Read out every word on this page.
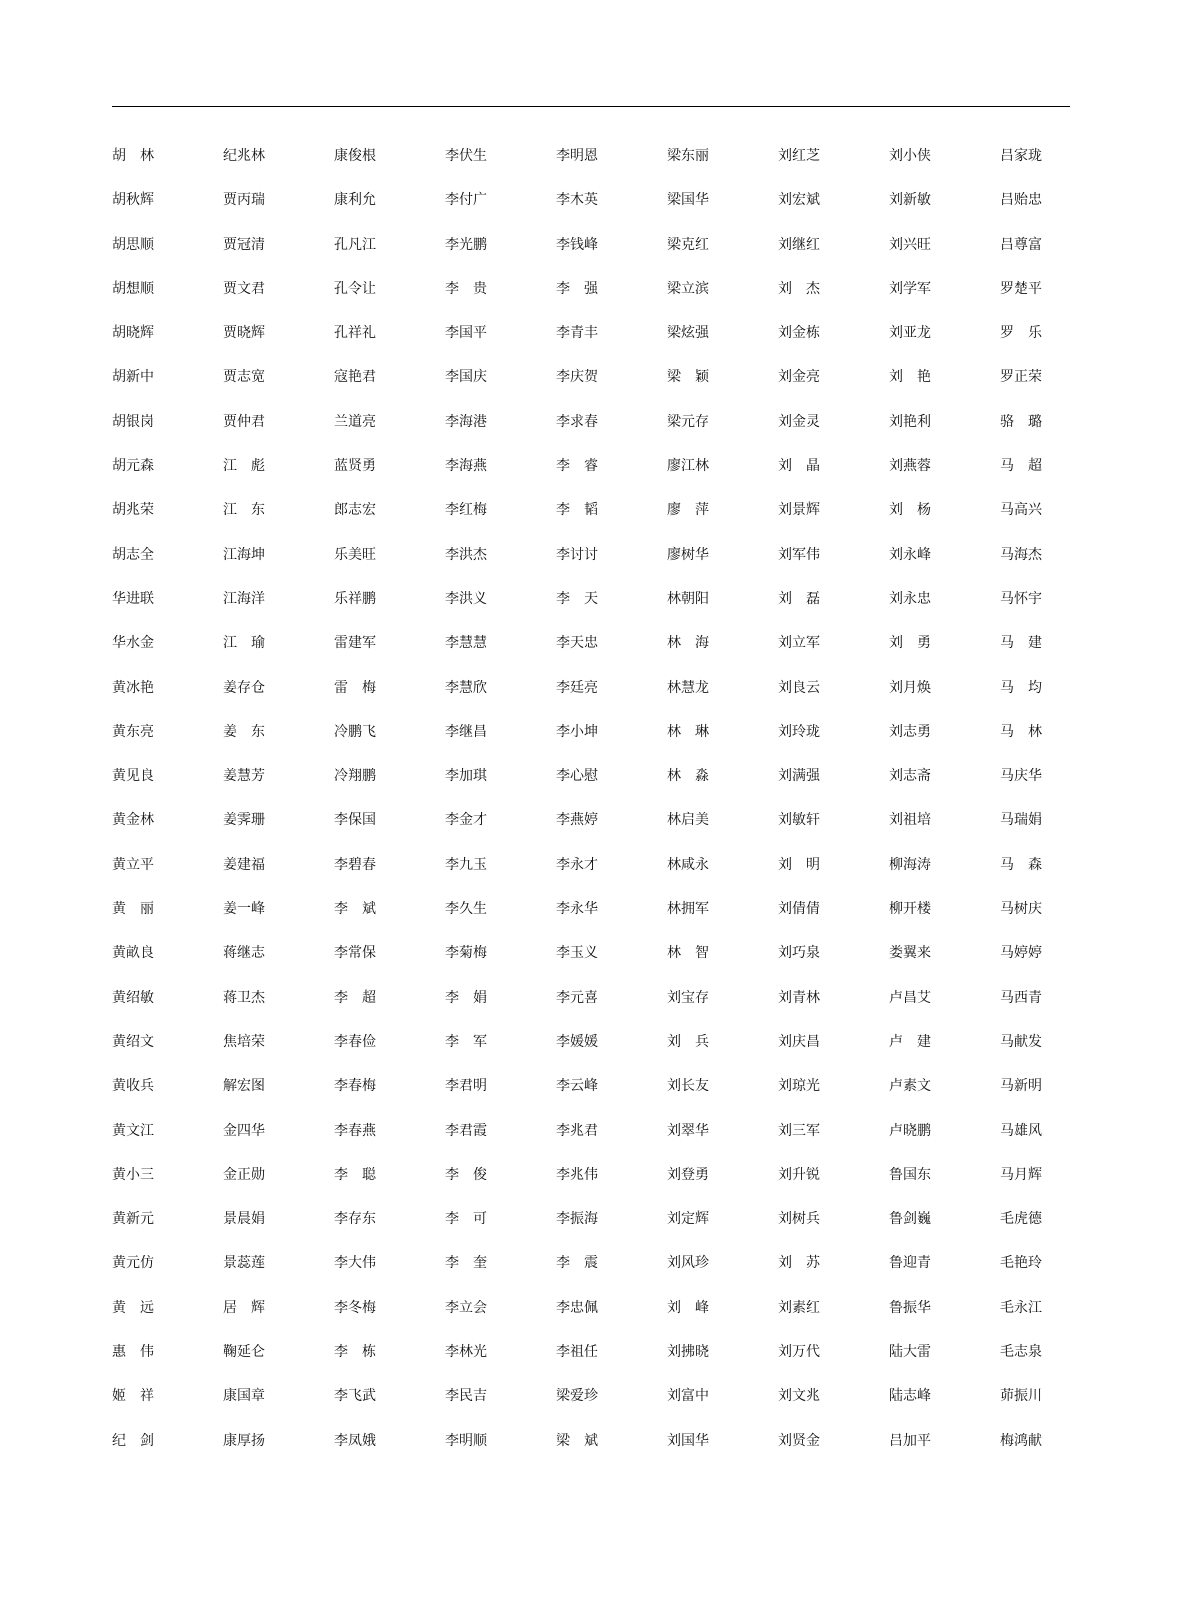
胡　林	纪兆林	康俊根	李伏生	李明恩	梁东丽	刘红芝	刘小侠	吕家珑
胡秋辉	贾丙瑞	康利允	李付广	李木英	梁国华	刘宏斌	刘新敏	吕贻忠
胡思顺	贾冠清	孔凡江	李光鹏	李钱峰	梁克红	刘继红	刘兴旺	吕尊富
胡想顺	贾文君	孔令让	李　贵	李　强	梁立滨	刘　杰	刘学军	罗楚平
胡晓辉	贾晓辉	孔祥礼	李国平	李青丰	梁炫强	刘金栋	刘亚龙	罗　乐
胡新中	贾志宽	寇艳君	李国庆	李庆贺	梁　颖	刘金亮	刘　艳	罗正荣
胡银岗	贾仲君	兰道亮	李海港	李求春	梁元存	刘金灵	刘艳利	骆　璐
胡元森	江　彪	蓝贤勇	李海燕	李　睿	廖江林	刘　晶	刘燕蓉	马　超
胡兆荣	江　东	郎志宏	李红梅	李　韬	廖　萍	刘景辉	刘　杨	马高兴
胡志全	江海坤	乐美旺	李洪杰	李讨讨	廖树华	刘军伟	刘永峰	马海杰
华进联	江海洋	乐祥鹏	李洪义	李　天	林朝阳	刘　磊	刘永忠	马怀宇
华水金	江　瑜	雷建军	李慧慧	李天忠	林　海	刘立军	刘　勇	马　建
黄冰艳	姜存仓	雷　梅	李慧欣	李廷亮	林慧龙	刘良云	刘月焕	马　均
黄东亮	姜　东	冷鹏飞	李继昌	李小坤	林　琳	刘玲珑	刘志勇	马　林
黄见良	姜慧芳	冷翔鹏	李加琪	李心慰	林　淼	刘满强	刘志斋	马庆华
黄金林	姜霁珊	李保国	李金才	李燕婷	林启美	刘敏轩	刘祖培	马瑞娟
黄立平	姜建福	李碧春	李九玉	李永才	林咸永	刘　明	柳海涛	马　森
黄　丽	姜一峰	李　斌	李久生	李永华	林拥军	刘倩倩	柳开楼	马树庆
黄畝良	蒋继志	李常保	李菊梅	李玉义	林　智	刘巧泉	娄翼来	马婷婷
黄绍敏	蒋卫杰	李　超	李　娟	李元喜	刘宝存	刘青林	卢昌艾	马西青
黄绍文	焦培荣	李春俭	李　军	李媛媛	刘　兵	刘庆昌	卢　建	马献发
黄收兵	解宏图	李春梅	李君明	李云峰	刘长友	刘琼光	卢素文	马新明
黄文江	金四华	李春燕	李君霞	李兆君	刘翠华	刘三军	卢晓鹏	马雄风
黄小三	金正勋	李　聪	李　俊	李兆伟	刘登勇	刘升锐	鲁国东	马月辉
黄新元	景晨娟	李存东	李　可	李振海	刘定辉	刘树兵	鲁剑巍	毛虎德
黄元仿	景蕊莲	李大伟	李　奎	李　震	刘风珍	刘　苏	鲁迎青	毛艳玲
黄　远	居　辉	李冬梅	李立会	李忠佩	刘　峰	刘素红	鲁振华	毛永江
惠　伟	鞠延仑	李　栋	李林光	李祖任	刘拂晓	刘万代	陆大雷	毛志泉
姬　祥	康国章	李飞武	李民吉	梁爱珍	刘富中	刘文兆	陆志峰	茆振川
纪　剑	康厚扬	李凤娥	李明顺	梁　斌	刘国华	刘贤金	吕加平	梅鸿献
